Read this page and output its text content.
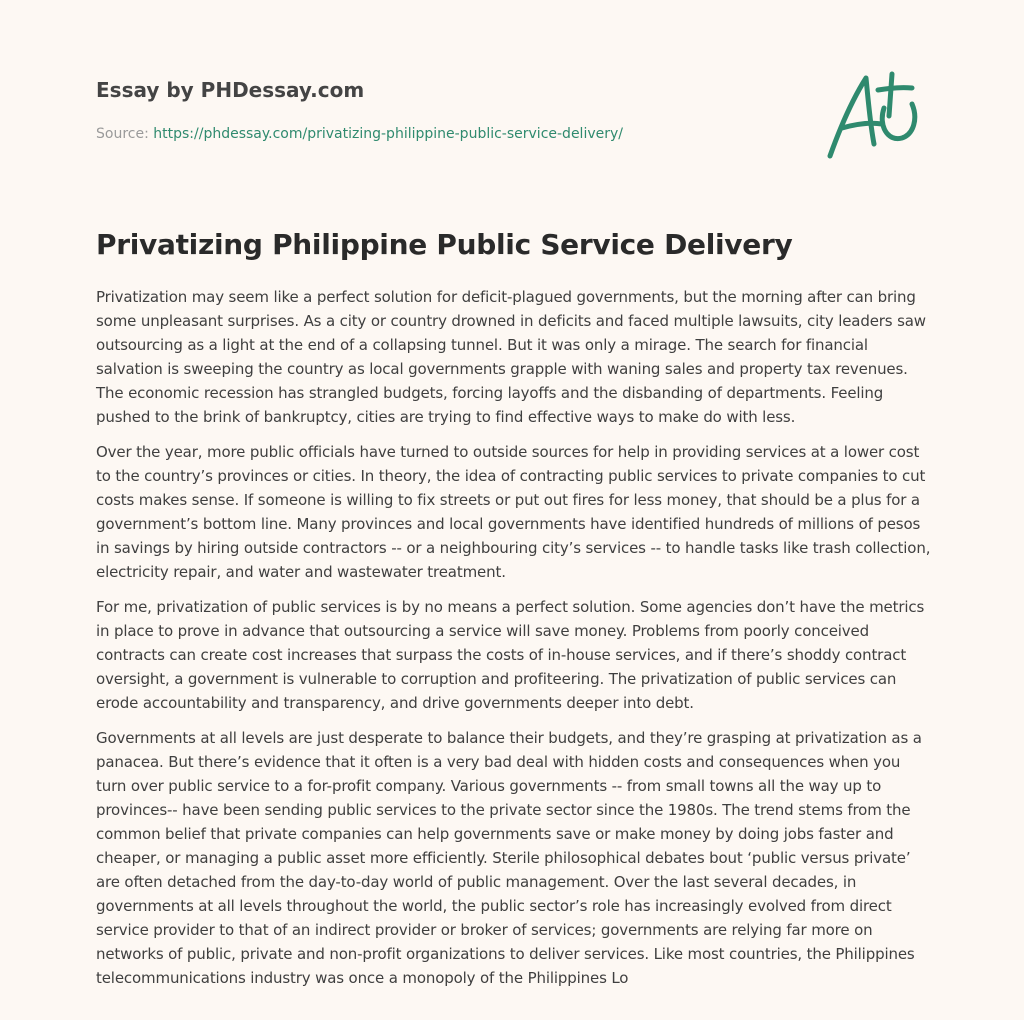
Essay by PHDessay.com
Source: https://phdessay.com/privatizing-philippine-public-service-delivery/
Privatizing Philippine Public Service Delivery

Privatization may seem like a perfect solution for deficit-plagued governments, but the morning after can bring some unpleasant surprises. As a city or country drowned in deficits and faced multiple lawsuits, city leaders saw outsourcing as a light at the end of a collapsing tunnel. But it was only a mirage. The search for financial salvation is sweeping the country as local governments grapple with waning sales and property tax revenues. The economic recession has strangled budgets, forcing layoffs and the disbanding of departments. Feeling pushed to the brink of bankruptcy, cities are trying to find effective ways to make do with less.

Over the year, more public officials have turned to outside sources for help in providing services at a lower cost to the country’s provinces or cities. In theory, the idea of contracting public services to private companies to cut costs makes sense. If someone is willing to fix streets or put out fires for less money, that should be a plus for a government’s bottom line. Many provinces and local governments have identified hundreds of millions of pesos in savings by hiring outside contractors -- or a neighbouring city’s services -- to handle tasks like trash collection, electricity repair, and water and wastewater treatment.

For me, privatization of public services is by no means a perfect solution. Some agencies don’t have the metrics in place to prove in advance that outsourcing a service will save money. Problems from poorly conceived contracts can create cost increases that surpass the costs of in-house services, and if there’s shoddy contract oversight, a government is vulnerable to corruption and profiteering. The privatization of public services can erode accountability and transparency, and drive governments deeper into debt.

Governments at all levels are just desperate to balance their budgets, and they’re grasping at privatization as a panacea. But there’s evidence that it often is a very bad deal with hidden costs and consequences when you turn over public service to a for-profit company. Various governments -- from small towns all the way up to provinces-- have been sending public services to the private sector since the 1980s. The trend stems from the common belief that private companies can help governments save or make money by doing jobs faster and cheaper, or managing a public asset more efficiently. Sterile philosophical debates bout ‘public versus private’ are often detached from the day-to-day world of public management. Over the last several decades, in governments at all levels throughout the world, the public sector’s role has increasingly evolved from direct service provider to that of an indirect provider or broker of services; governments are relying far more on networks of public, private and non-profit organizations to deliver services. Like most countries, the Philippines telecommunications industry was once a monopoly of the Philippines Lo
